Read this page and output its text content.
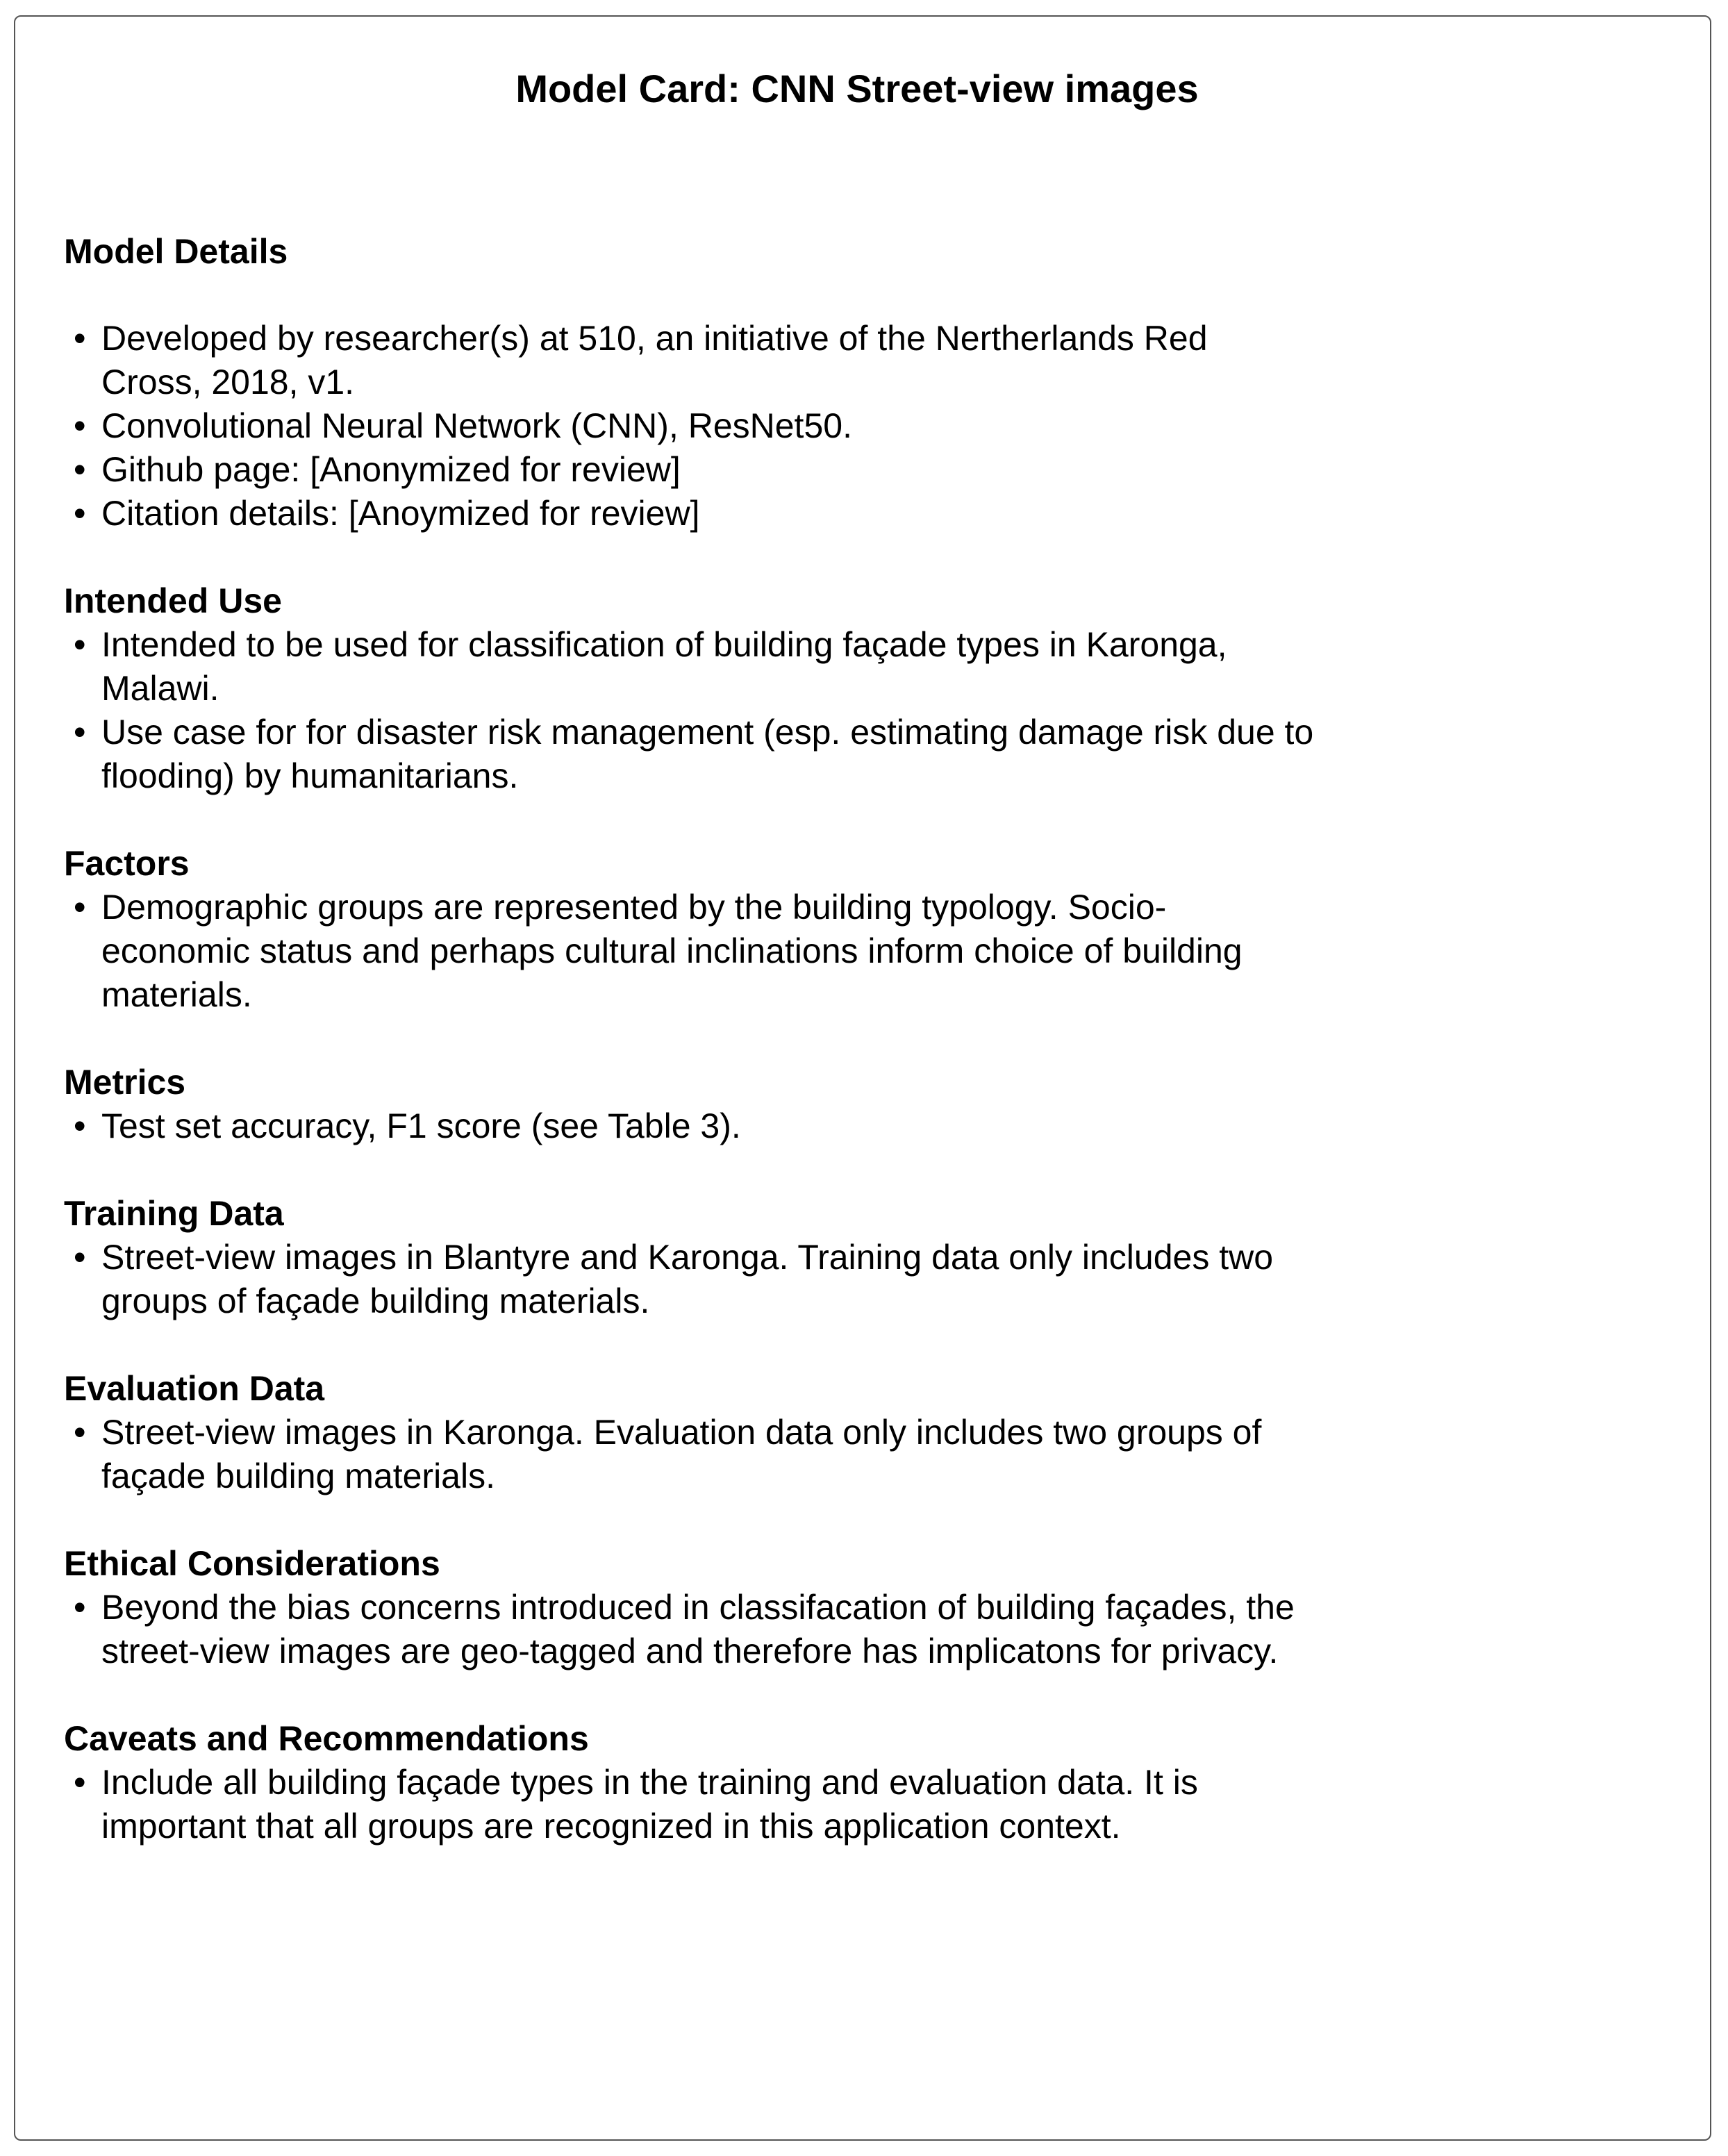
Model Card: CNN Street-view images
Model Details
• Developed by researcher(s) at 510, an initiative of the Nertherlands Red Cross, 2018, v1.
• Convolutional Neural Network (CNN), ResNet50.
• Github page: [Anonymized for review]
• Citation details: [Anoymized for review]
Intended Use
• Intended to be used for classification of building façade types in Karonga, Malawi.
• Use case for for disaster risk management (esp. estimating damage risk due to flooding) by humanitarians.
Factors
• Demographic groups are represented by the building typology. Socio-economic status and perhaps cultural inclinations inform choice of building materials.
Metrics
• Test set accuracy, F1 score (see Table 3).
Training Data
• Street-view images in Blantyre and Karonga. Training data only includes two groups of façade building materials.
Evaluation Data
• Street-view images in Karonga. Evaluation data only includes two groups of façade building materials.
Ethical Considerations
• Beyond the bias concerns introduced in classifacation of building façades, the street-view images are geo-tagged and therefore has implicatons for privacy.
Caveats and Recommendations
• Include all building façade types in the training and evaluation data. It is important that all groups are recognized in this application context.
